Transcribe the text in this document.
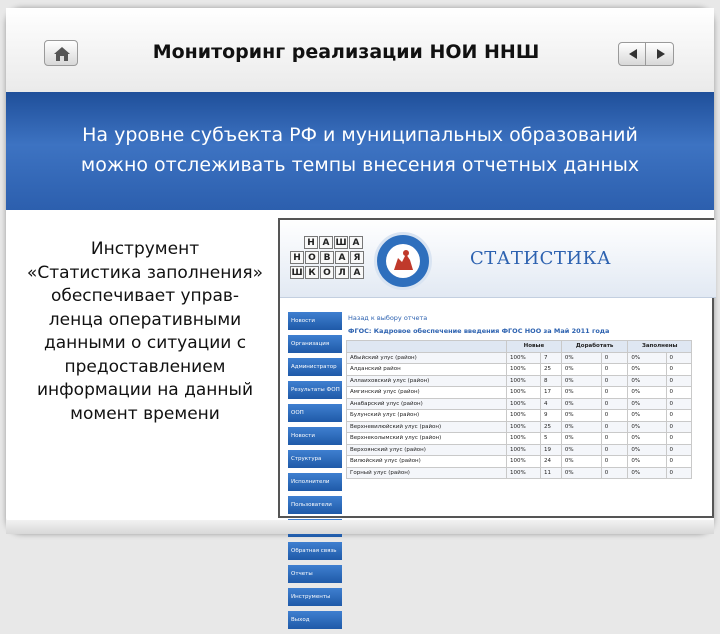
Мониторинг реализации НОИ ННШ
На уровне субъекта РФ и муниципальных образований
можно отслеживать темпы внесения отчетных данных
Инструмент
«Статистика заполнения»
обеспечивает управ-
ленца оперативными
данными о ситуации с
предоставлением
информации на данный
момент времени
Н А Ш А
Н О В А Я
Ш К О Л А
СТАТИСТИКА
Новости
Организация
Администратор
Результаты ФОП
ООП
Новости
Структура
Исполнители
Пользователи
Обратная связь
Отчеты
Инструменты
Выход
Назад к выбору отчета
ФГОС: Кадровое обеспечение введения ФГОС НОО за Май 2011 года
	Новые		Доработать		Заполнены	
Абыйский улус (район)	100%	7	0%	0	0%	0
Алданский район	100%	25	0%	0	0%	0
Аллаиховский улус (район)	100%	8	0%	0	0%	0
Амгинский улус (район)	100%	17	0%	0	0%	0
Анабарский улус (район)	100%	4	0%	0	0%	0
Булунский улус (район)	100%	9	0%	0	0%	0
Верхневилюйский улус (район)	100%	25	0%	0	0%	0
Верхнеколымский улус (район)	100%	5	0%	0	0%	0
Верхоянский улус (район)	100%	19	0%	0	0%	0
Вилюйский улус (район)	100%	24	0%	0	0%	0
Горный улус (район)	100%	11	0%	0	0%	0
